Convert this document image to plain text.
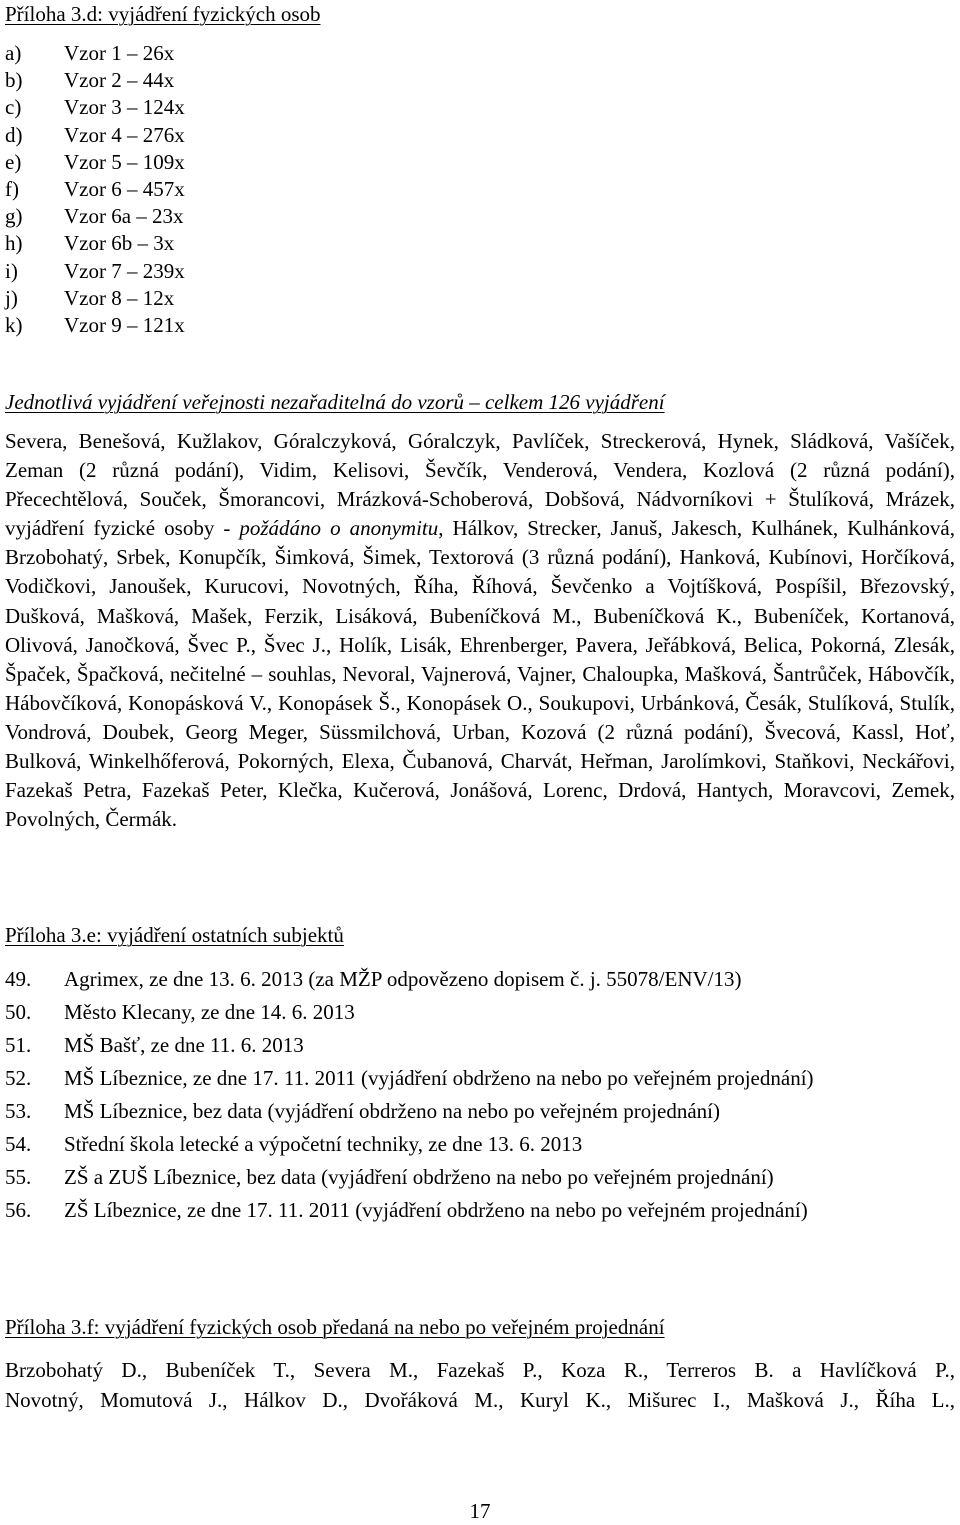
Příloha 3.d: vyjádření fyzických osob
a) Vzor 1 – 26x
b) Vzor 2 – 44x
c) Vzor 3 – 124x
d) Vzor 4 – 276x
e) Vzor 5 – 109x
f) Vzor 6 – 457x
g) Vzor 6a – 23x
h) Vzor 6b – 3x
i) Vzor 7 – 239x
j) Vzor 8 – 12x
k) Vzor 9 – 121x
Jednotlivá vyjádření veřejnosti nezařaditelná do vzorů – celkem 126 vyjádření

Severa, Benešová, Kužlakov, Góralczyková, Góralczyk, Pavlíček, Streckerová, Hynek, Sládková, Vašíček, Zeman (2 různá podání), Vidim, Kelisovi, Ševčík, Venderová, Vendera, Kozlová (2 různá podání), Přecechtělová, Souček, Šmorancovi, Mrázková-Schoberová, Dobšová, Nádvorníkovi + Štulíková, Mrázek, vyjádření fyzické osoby - požádáno o anonymitu, Hálkov, Strecker, Januš, Jakesch, Kulhánek, Kulhánková, Brzobohatý, Srbek, Konupčík, Šimková, Šimek, Textorová (3 různá podání), Hanková, Kubínovi, Horčíková, Vodičkovi, Janoušek, Kurucovi, Novotných, Říha, Říhová, Ševčenko a Vojtíšková, Pospíšil, Březovský, Dušková, Mašková, Mašek, Ferzik, Lisáková, Bubeníčková M., Bubeníčková K., Bubeníček, Kortanová, Olivová, Janočková, Švec P., Švec J., Holík, Lisák, Ehrenberger, Pavera, Jeřábková, Belica, Pokorná, Zlesák, Špaček, Špačková, nečitelné – souhlas, Nevoral, Vajnerová, Vajner, Chaloupka, Mašková, Šantrůček, Hábovčík, Hábovčíková, Konopásková V., Konopásek Š., Konopásek O., Soukupovi, Urbánková, Česák, Stulíková, Stulík, Vondrová, Doubek, Georg Meger, Süssmilchová, Urban, Kozová (2 různá podání), Švecová, Kassl, Hoť, Bulková, Winkelhőferová, Pokorných, Elexa, Čubanová, Charvát, Heřman, Jarolímkovi, Staňkovi, Neckářovi, Fazekaš Petra, Fazekaš Peter, Klečka, Kučerová, Jonášová, Lorenc, Drdová, Hantych, Moravcovi, Zemek, Povolných, Čermák.

Příloha 3.e: vyjádření ostatních subjektů
49. Agrimex, ze dne 13. 6. 2013 (za MŽP odpovězeno dopisem č. j. 55078/ENV/13)
50. Město Klecany, ze dne 14. 6. 2013
51. MŠ Bašť, ze dne 11. 6. 2013
52. MŠ Líbeznice, ze dne 17. 11. 2011 (vyjádření obdrženo na nebo po veřejném projednání)
53. MŠ Líbeznice, bez data (vyjádření obdrženo na nebo po veřejném projednání)
54. Střední škola letecké a výpočetní techniky, ze dne 13. 6. 2013
55. ZŠ a ZUŠ Líbeznice, bez data (vyjádření obdrženo na nebo po veřejném projednání)
56. ZŠ Líbeznice, ze dne 17. 11. 2011 (vyjádření obdrženo na nebo po veřejném projednání)
Příloha 3.f: vyjádření fyzických osob předaná na nebo po veřejném projednání

Brzobohatý D., Bubeníček T., Severa M., Fazekaš P., Koza R., Terreros B. a Havlíčková P.,
Novotný, Momutová J., Hálkov D., Dvořáková M., Kuryl K., Mišurec I., Mašková J., Říha L.,

17
